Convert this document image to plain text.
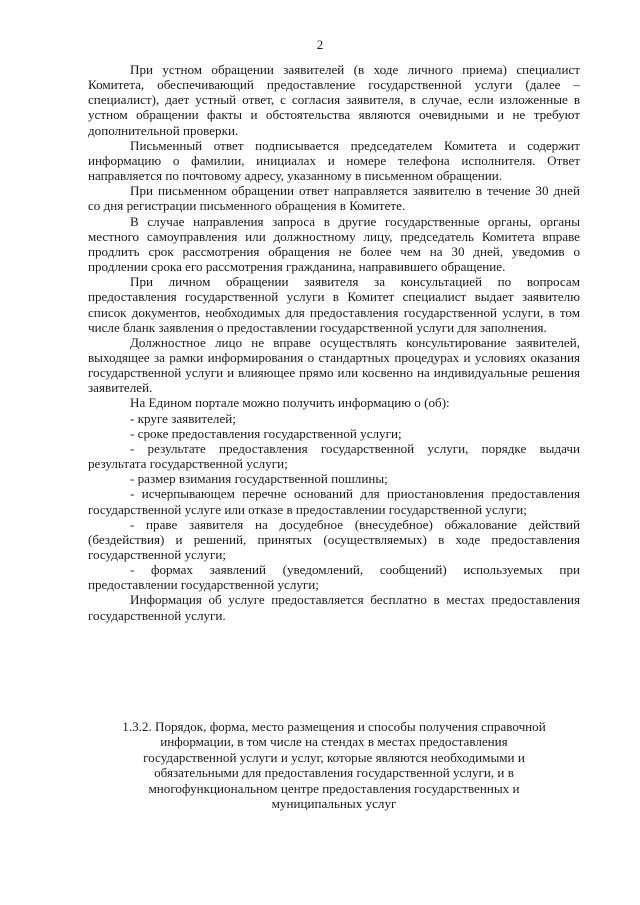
2

При устном обращении заявителей (в ходе личного приема) специалист Комитета, обеспечивающий предоставление государственной услуги (далее – специалист), дает устный ответ, с согласия заявителя, в случае, если изложенные в устном обращении факты и обстоятельства являются очевидными и не требуют дополнительной проверки.

Письменный ответ подписывается председателем Комитета и содержит информацию о фамилии, инициалах и номере телефона исполнителя. Ответ направляется по почтовому адресу, указанному в письменном обращении.

При письменном обращении ответ направляется заявителю в течение 30 дней со дня регистрации письменного обращения в Комитете.

В случае направления запроса в другие государственные органы, органы местного самоуправления или должностному лицу, председатель Комитета вправе продлить срок рассмотрения обращения не более чем на 30 дней, уведомив о продлении срока его рассмотрения гражданина, направившего обращение.

При личном обращении заявителя за консультацией по вопросам предоставления государственной услуги в Комитет специалист выдает заявителю список документов, необходимых для предоставления государственной услуги, в том числе бланк заявления о предоставлении государственной услуги для заполнения.

Должностное лицо не вправе осуществлять консультирование заявителей, выходящее за рамки информирования о стандартных процедурах и условиях оказания государственной услуги и влияющее прямо или косвенно на индивидуальные решения заявителей.

На Едином портале можно получить информацию о (об):

- круге заявителей;

- сроке предоставления государственной услуги;

- результате предоставления государственной услуги, порядке выдачи результата государственной услуги;

- размер взимания государственной пошлины;

- исчерпывающем перечне оснований для приостановления предоставления государственной услуге или отказе в предоставлении государственной услуги;

- праве заявителя на досудебное (внесудебное) обжалование действий (бездействия) и решений, принятых (осуществляемых) в ходе предоставления государственной услуги;

- формах заявлений (уведомлений, сообщений) используемых при предоставлении государственной услуги;

Информация об услуге предоставляется бесплатно в местах предоставления государственной услуги.

1.3.2. Порядок, форма, место размещения и способы получения справочной информации, в том числе на стендах в местах предоставления государственной услуги и услуг, которые являются необходимыми и обязательными для предоставления государственной услуги, и в многофункциональном центре предоставления государственных и муниципальных услуг
